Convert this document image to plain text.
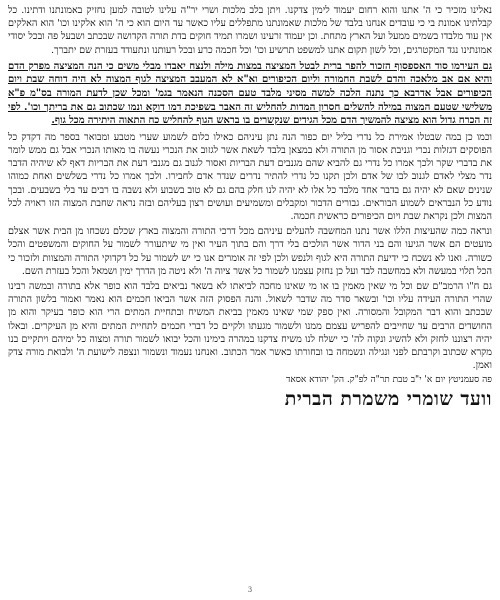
נאלינו מזכיר כי ה' אתנו והוא רחום יעמוד לימין צדקנו. ויתן בלב מלכות ושרי יר"ה עלינו לטובה למען נחזיק באמונתנו ודתינו. כל קבלתינו אמונת בי כי עובדים אנחנו בלבד של מלכות שאמונתנו מתפללים עליו כאשר עד היום הוא כי ה' הוא אלקינו וכו' הוא האלקים אין עוד מלבדו בשמים ממעל ועל הארץ מתחת. וכן יעמוד זרעינו ושמרו תמיד חוקים בדת תורה הקדושה שבכתב ושבעל פה ובכל יסודי אמונתינו נגד המקטרגים, וכל לשון תקום אתנו למשפט תרשיע וכו' וכל חכמה כרע ובכל רעותנו ונתעודד בעזרת שם יתברך.

גם העירמו סוד האספסוף הזכור להפר ברית לבטל המציצה במצות מילה ולנצח יאבדו מבלי משים כי הנה המציצה מפרק הדם והיא אם אב מלאכה והדם לשבת החמורה וליום הכיפורים וא"א לא המעבב המציצה לגוף המצוה לא היה דוחה שבת ויום הכיפורים אבל אדרבא כך נתנה הלכה למשה מסיני מלבד טעם הסכנה הנאמר בגמ' ומכל שכן לדעת המורה בס"מ פ"א משלישי שטעם המצוה במילה להשלים חסרון המדות להחליש זה האבר בשפיכת דמו דוקא ונמו שכתוב גם את בריתך וכו'. לפי זה הכרח גדול הוא מציצה להמשיך הדם מכל הגידים שנקשרים בו בראש הגוף להחליש כח התאוה היתירה מכל גוף.

וכמו כן במה שבטלו אמירת כל נדרי בליל יום כפור הנה נתן עיניהם כאילו כלום לשמוע שערי מטבע ומבואר בספר מה דקדק כל הפוסקים דגזלות נכרי וגניבת אסור מן התורה ולא במצאן בלבד לשאת אשר לגזוב את הנכרי נעשה בו מאותו הנכרי אבל גם ממש לומר את בדברי שקר ולכך אמרו כל נדרי גם להביא שהם מגנבים דעת הבריות ואסור לגנוב גם מגנבי דעת את הבריות דאף לא שיהיה הדבר נדר מצלי לאדם לגנוב לבו של אדם ולכן תקנו כל נדרי להתיר נדרים שנדר אדם לחבירו. ולכך אמרו כל נדרי בשלשים ואחת כמוהו שנינים שאם לא יהיה גם בדבר אחד מלבד כל אלו לא יהיה לנו חלק בהם גם לא טוב בשבוע ולא נשבה בו רבים עד בלי בשבעים. ובכך נודע כל הנבראים לשמוע הבוראים. גבורים הדבור ומקבלים ומשמיעים ועושים רצון בעליהם ובזה נראה שחבת המצוה הזו ראויה לכל המצות ולכן נקראת שבת ויום הכיפורים כראשית חכמה.

ונראה כמה שהעיצות הללו אשר נתנו המחשבה להעלים עיניהם מכל דרכי התורה והמצוה בארץ שכלם נשכחו מן הבית אשר אצלם מועטים הם אשר הגיעו והם בני הדור אשר הולכים בלי דרך והם בתוך העיר ואין מי שיתעורר לשמור על החוקים והמשפטים והכל כשורה. ואנו לא נשכח כי ידיעת התורה היא לגוף ולנפש ולכן לפי זה אומרים אנו כי יש לשמור על כל דקדוקי התורה והמצוות ולזכור כי הכל תלוי במעשה ולא במחשבה לבד ועל כן נחזק עצמנו לשמור כל אשר ציוה ה' ולא ניטה מן הדרך ימין ושמאל והכל בעזרת השם.

גם ח"ו הרמב"ם שם וכל מי שאין מאמין בו או מי שאינו מחכה לביאתו לא בשאר נביאים בלבד הוא כופר אלא בתורה ובמשה רבינו שהרי התורה העידה עליו וכו' ובשאר סדר מה שדבר לשאול. והנה הפסוק הזה אשר הביאו חכמים הוא נאמר ואמור בלשון התורה שבכתב והוא דבר המקובל והמסורה. ואין ספק שמי שאינו מאמין בביאת המשיח ובתחיית המתים הרי הוא כופר בעיקר והוא מן החושדים הרבים עד שחייבים להפריש עצמם ממנו ולשמור מגעתו ולקיים כל דברי חכמים לתחיית המתים והיא מן העיקרים. ובאלו יהיה רצוננו לחזק ולא להשיג ונקוה לה' כי ישלח לנו משיח צדקנו במהרה בימינו והכל יבואו לשמור תורה ומצוה כל ימיהם ויתקיים בנו מקרא שכתוב וקרבתם לפני ונגילה ונשמחה בו ובחורתו כאשר אמר הכתוב. ואנחנו נעמוד ונשמור ונצפה לישועת ה' ולבואת מורה צדק ואמן.

פה סעמניטץ יום א' י"ב טבת תר"ה לפ"ק. הק' יהודא אסאד

וועד שומרי משמרת הברית

3
